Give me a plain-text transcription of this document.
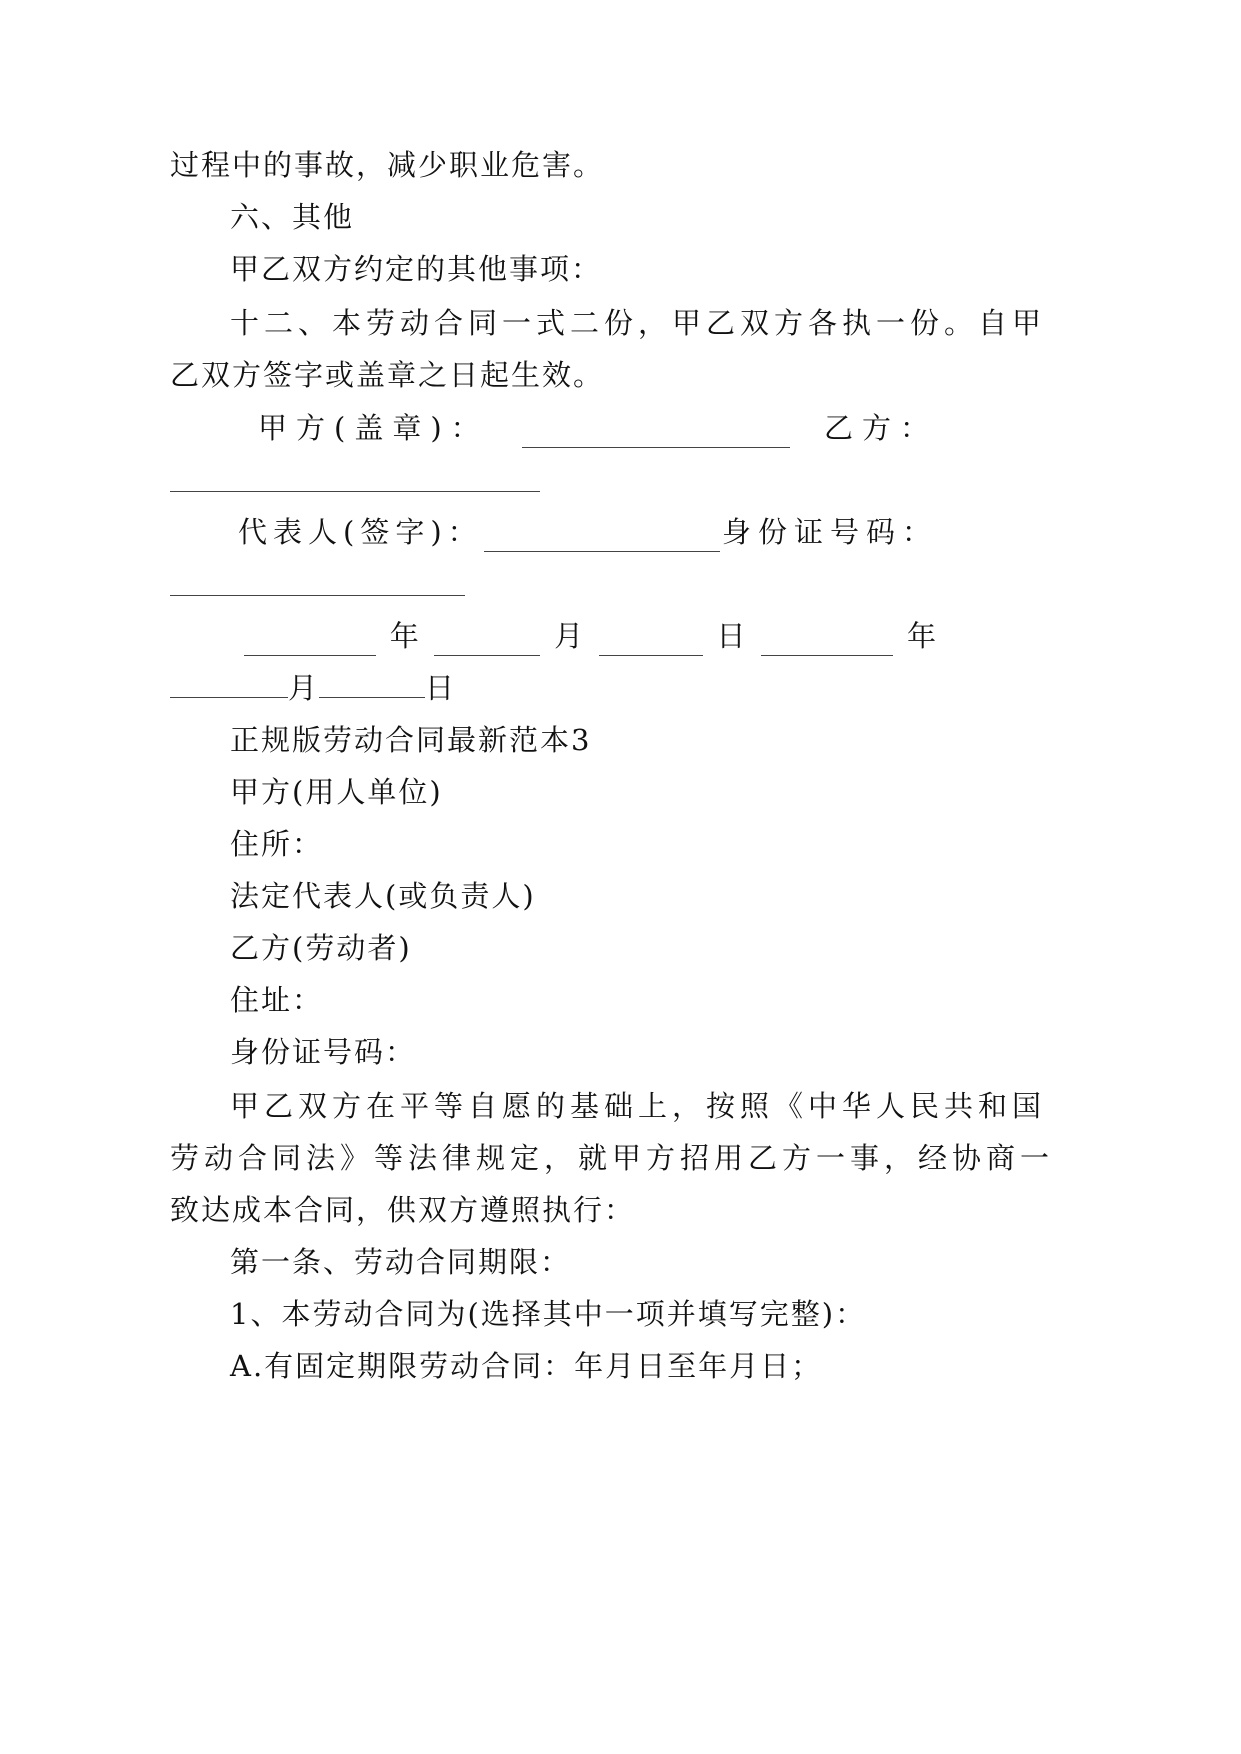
过程中的事故，减少职业危害。
六、其他
甲乙双方约定的其他事项：
十二、本劳动合同一式二份，甲乙双方各执一份。自甲
乙双方签字或盖章之日起生效。
甲方(盖章)：	乙方：
代表人(签字)：	身份证号码：
年	月	日	年
月	日
正规版劳动合同最新范本3
甲方(用人单位)
住所：
法定代表人(或负责人)
乙方(劳动者)
住址：
身份证号码：
甲乙双方在平等自愿的基础上，按照《中华人民共和国
劳动合同法》等法律规定，就甲方招用乙方一事，经协商一
致达成本合同，供双方遵照执行：
第一条、劳动合同期限：
1、本劳动合同为(选择其中一项并填写完整)：
A.有固定期限劳动合同：年月日至年月日；
